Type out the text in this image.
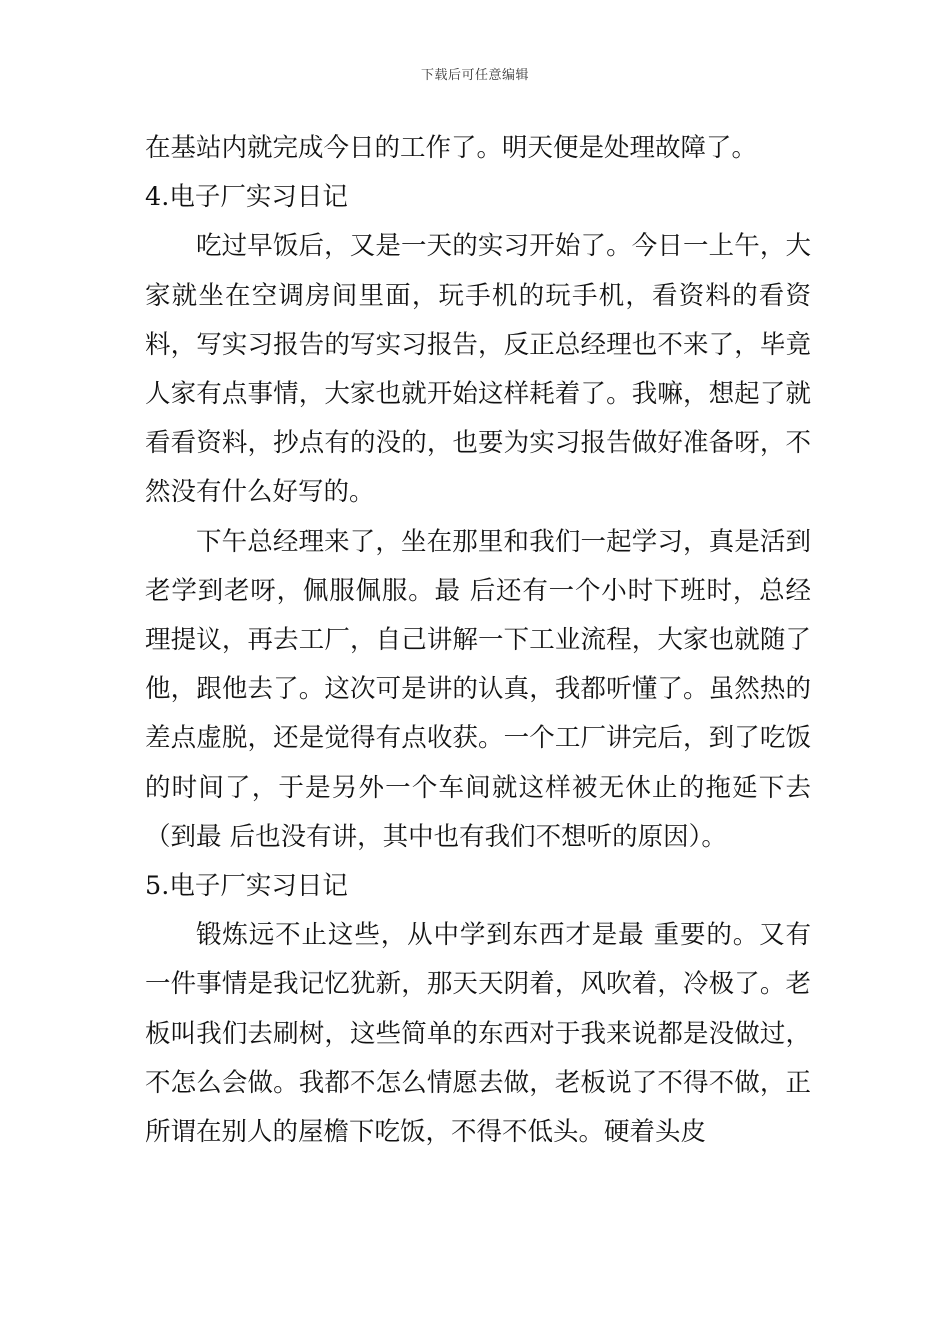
下载后可任意编辑

在基站内就完成今日的工作了。明天便是处理故障了。

4.电子厂实习日记

吃过早饭后，又是一天的实习开始了。今日一上午，大家就坐在空调房间里面，玩手机的玩手机，看资料的看资料，写实习报告的写实习报告，反正总经理也不来了，毕竟人家有点事情，大家也就开始这样耗着了。我嘛，想起了就看看资料，抄点有的没的，也要为实习报告做好准备呀，不然没有什么好写的。

下午总经理来了，坐在那里和我们一起学习，真是活到老学到老呀，佩服佩服。最 后还有一个小时下班时，总经理提议，再去工厂，自己讲解一下工业流程，大家也就随了他，跟他去了。这次可是讲的认真，我都听懂了。虽然热的差点虚脱，还是觉得有点收获。一个工厂讲完后，到了吃饭的时间了，于是另外一个车间就这样被无休止的拖延下去（到最 后也没有讲，其中也有我们不想听的原因）。

5.电子厂实习日记

锻炼远不止这些，从中学到东西才是最 重要的。又有一件事情是我记忆犹新，那天天阴着，风吹着，冷极了。老板叫我们去刷树，这些简单的东西对于我来说都是没做过，不怎么会做。我都不怎么情愿去做，老板说了不得不做，正所谓在别人的屋檐下吃饭，不得不低头。硬着头皮
